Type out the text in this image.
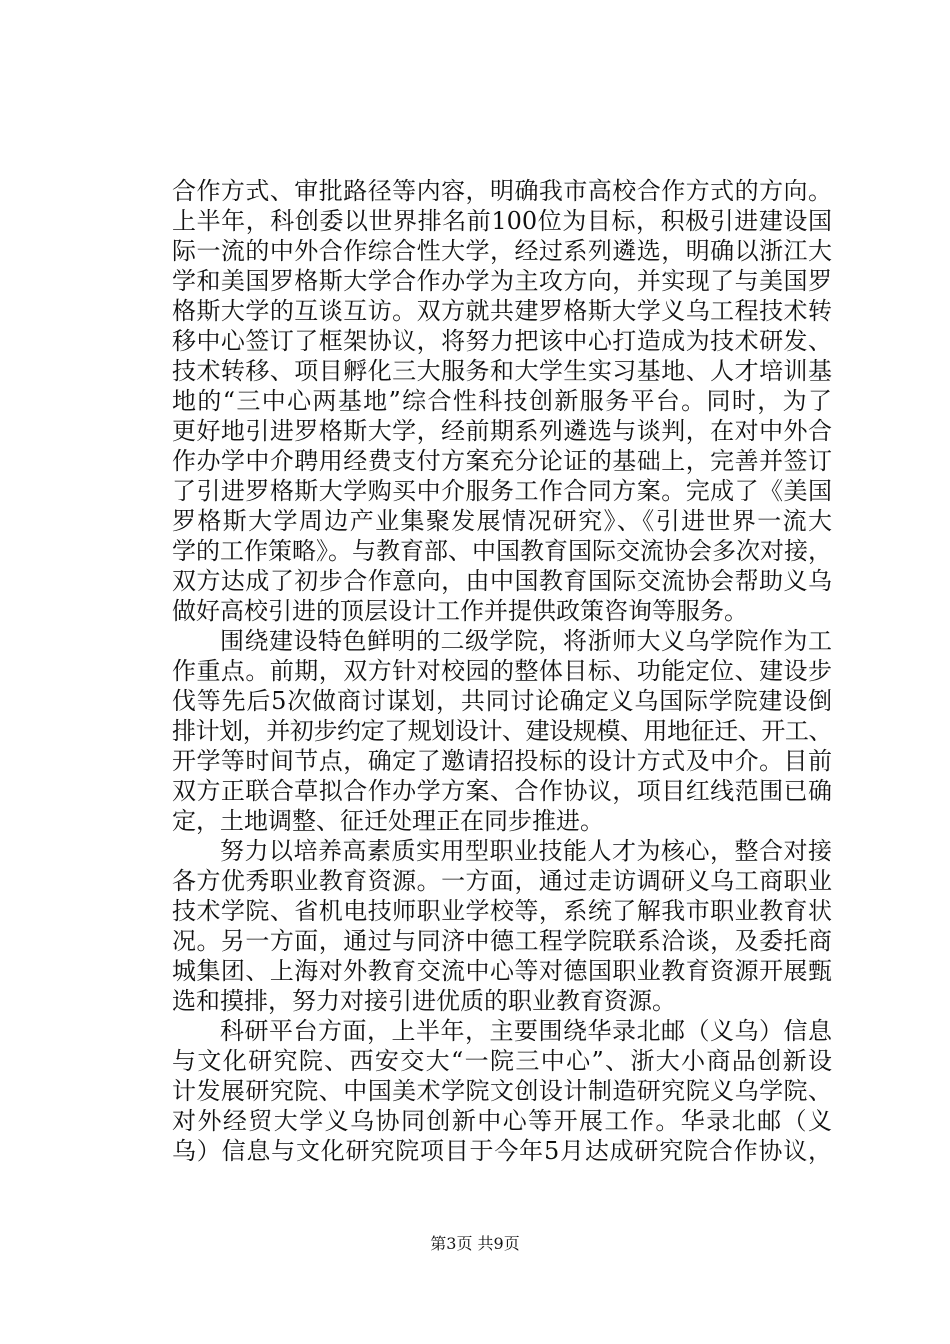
合作方式、审批路径等内容，明确我市高校合作方式的方向。
上半年，科创委以世界排名前100位为目标，积极引进建设国
际一流的中外合作综合性大学，经过系列遴选，明确以浙江大
学和美国罗格斯大学合作办学为主攻方向，并实现了与美国罗
格斯大学的互谈互访。双方就共建罗格斯大学义乌工程技术转
移中心签订了框架协议，将努力把该中心打造成为技术研发、
技术转移、项目孵化三大服务和大学生实习基地、人才培训基
地的“三中心两基地”综合性科技创新服务平台。同时，为了
更好地引进罗格斯大学，经前期系列遴选与谈判，在对中外合
作办学中介聘用经费支付方案充分论证的基础上，完善并签订
了引进罗格斯大学购买中介服务工作合同方案。完成了《美国
罗格斯大学周边产业集聚发展情况研究》、《引进世界一流大
学的工作策略》。与教育部、中国教育国际交流协会多次对接，
双方达成了初步合作意向，由中国教育国际交流协会帮助义乌
做好高校引进的顶层设计工作并提供政策咨询等服务。
围绕建设特色鲜明的二级学院，将浙师大义乌学院作为工
作重点。前期，双方针对校园的整体目标、功能定位、建设步
伐等先后5次做商讨谋划，共同讨论确定义乌国际学院建设倒
排计划，并初步约定了规划设计、建设规模、用地征迁、开工、
开学等时间节点，确定了邀请招投标的设计方式及中介。目前
双方正联合草拟合作办学方案、合作协议，项目红线范围已确
定，土地调整、征迁处理正在同步推进。
努力以培养高素质实用型职业技能人才为核心，整合对接
各方优秀职业教育资源。一方面，通过走访调研义乌工商职业
技术学院、省机电技师职业学校等，系统了解我市职业教育状
况。另一方面，通过与同济中德工程学院联系洽谈，及委托商
城集团、上海对外教育交流中心等对德国职业教育资源开展甄
选和摸排，努力对接引进优质的职业教育资源。
科研平台方面，上半年，主要围绕华录北邮（义乌）信息
与文化研究院、西安交大“一院三中心”、浙大小商品创新设
计发展研究院、中国美术学院文创设计制造研究院义乌学院、
对外经贸大学义乌协同创新中心等开展工作。华录北邮（义
乌）信息与文化研究院项目于今年5月达成研究院合作协议，
第3页 共9页
